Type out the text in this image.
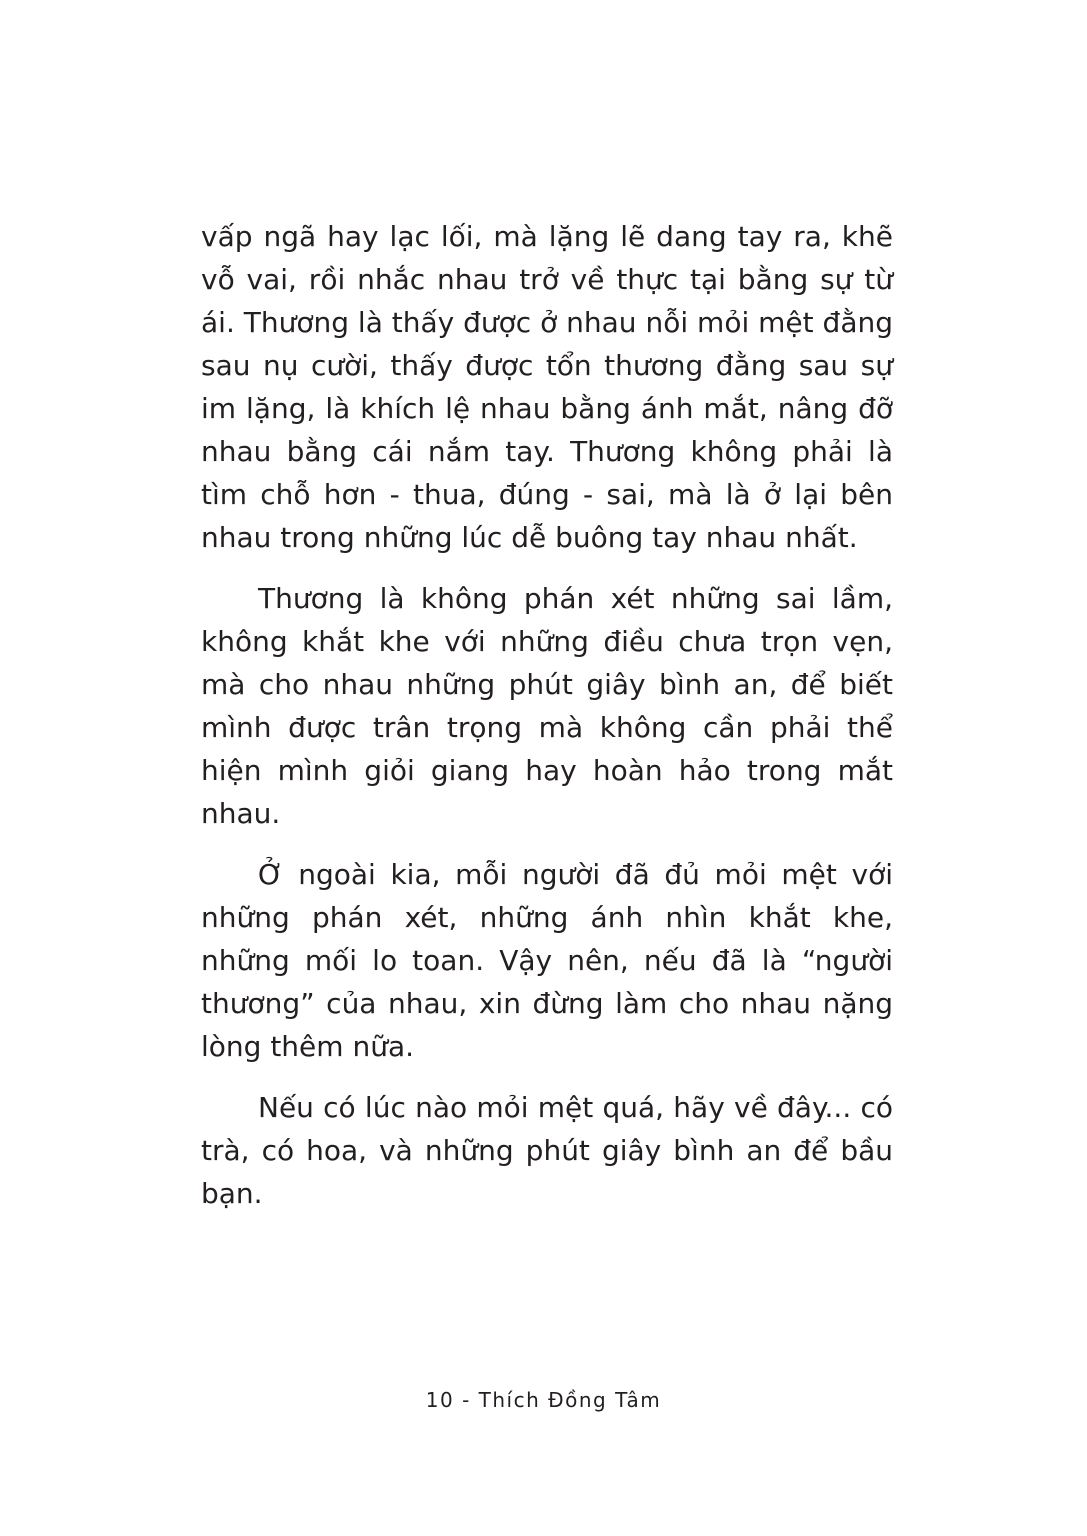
vấp ngã hay lạc lối, mà lặng lẽ dang tay ra, khẽ vỗ vai, rồi nhắc nhau trở về thực tại bằng sự từ ái. Thương là thấy được ở nhau nỗi mỏi mệt đằng sau nụ cười, thấy được tổn thương đằng sau sự im lặng, là khích lệ nhau bằng ánh mắt, nâng đỡ nhau bằng cái nắm tay. Thương không phải là tìm chỗ hơn - thua, đúng - sai, mà là ở lại bên nhau trong những lúc dễ buông tay nhau nhất.

Thương là không phán xét những sai lầm, không khắt khe với những điều chưa trọn vẹn, mà cho nhau những phút giây bình an, để biết mình được trân trọng mà không cần phải thể hiện mình giỏi giang hay hoàn hảo trong mắt nhau.

Ở ngoài kia, mỗi người đã đủ mỏi mệt với những phán xét, những ánh nhìn khắt khe, những mối lo toan. Vậy nên, nếu đã là “người thương” của nhau, xin đừng làm cho nhau nặng lòng thêm nữa.

Nếu có lúc nào mỏi mệt quá, hãy về đây... có trà, có hoa, và những phút giây bình an để bầu bạn.

10 - Thích Đồng Tâm
